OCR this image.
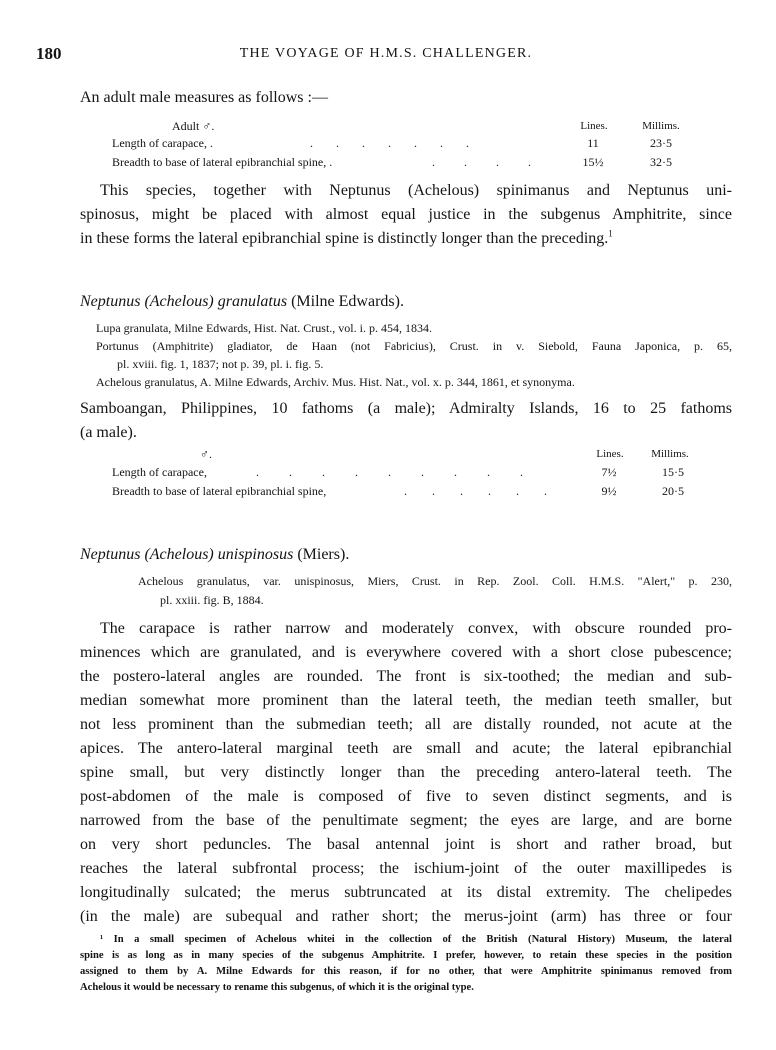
180	THE VOYAGE OF H.M.S. CHALLENGER.
An adult male measures as follows :—
Adult ♂.	Lines.	Millims.
Length of carapace, .	. . . . . . .	11	23·5
Breadth to base of lateral epibranchial spine, .	. . . .	15½	32·5
This species, together with Neptunus (Achelous) spinimanus and Neptunus uni-
spinosus, might be placed with almost equal justice in the subgenus Amphitrite, since
in these forms the lateral epibranchial spine is distinctly longer than the preceding.$^1$
Neptunus (Achelous) granulatus (Milne Edwards).
Lupa granulata, Milne Edwards, Hist. Nat. Crust., vol. i. p. 454, 1834.
Portunus (Amphitrite) gladiator, de Haan (not Fabricius), Crust. in v. Siebold, Fauna Japonica, p. 65,
pl. xviii. fig. 1, 1837; not p. 39, pl. i. fig. 5.
Achelous granulatus, A. Milne Edwards, Archiv. Mus. Hist. Nat., vol. x. p. 344, 1861, et synonyma.
Samboangan, Philippines, 10 fathoms (a male); Admiralty Islands, 16 to 25 fathoms
(a male).
♂.	Lines.	Millims.
Length of carapace,	. . . . . . . . .	7½	15·5
Breadth to base of lateral epibranchial spine,	. . . . . .	9½	20·5
Neptunus (Achelous) unispinosus (Miers).
Achelous granulatus, var. unispinosus, Miers, Crust. in Rep. Zool. Coll. H.M.S. "Alert," p. 230,
pl. xxiii. fig. B, 1884.
The carapace is rather narrow and moderately convex, with obscure rounded pro-
minences which are granulated, and is everywhere covered with a short close pubescence;
the postero-lateral angles are rounded. The front is six-toothed; the median and sub-
median somewhat more prominent than the lateral teeth, the median teeth smaller, but
not less prominent than the submedian teeth; all are distally rounded, not acute at the
apices. The antero-lateral marginal teeth are small and acute; the lateral epibranchial
spine small, but very distinctly longer than the preceding antero-lateral teeth. The
post-abdomen of the male is composed of five to seven distinct segments, and is
narrowed from the base of the penultimate segment; the eyes are large, and are borne
on very short peduncles. The basal antennal joint is short and rather broad, but
reaches the lateral subfrontal process; the ischium-joint of the outer maxillipedes is
longitudinally sulcated; the merus subtruncated at its distal extremity. The chelipedes
(in the male) are subequal and rather short; the merus-joint (arm) has three or four
¹ In a small specimen of Achelous whitei in the collection of the British (Natural History) Museum, the lateral
spine is as long as in many species of the subgenus Amphitrite. I prefer, however, to retain these species in the position
assigned to them by A. Milne Edwards for this reason, if for no other, that were Amphitrite spinimanus removed from
Achelous it would be necessary to rename this subgenus, of which it is the original type.
